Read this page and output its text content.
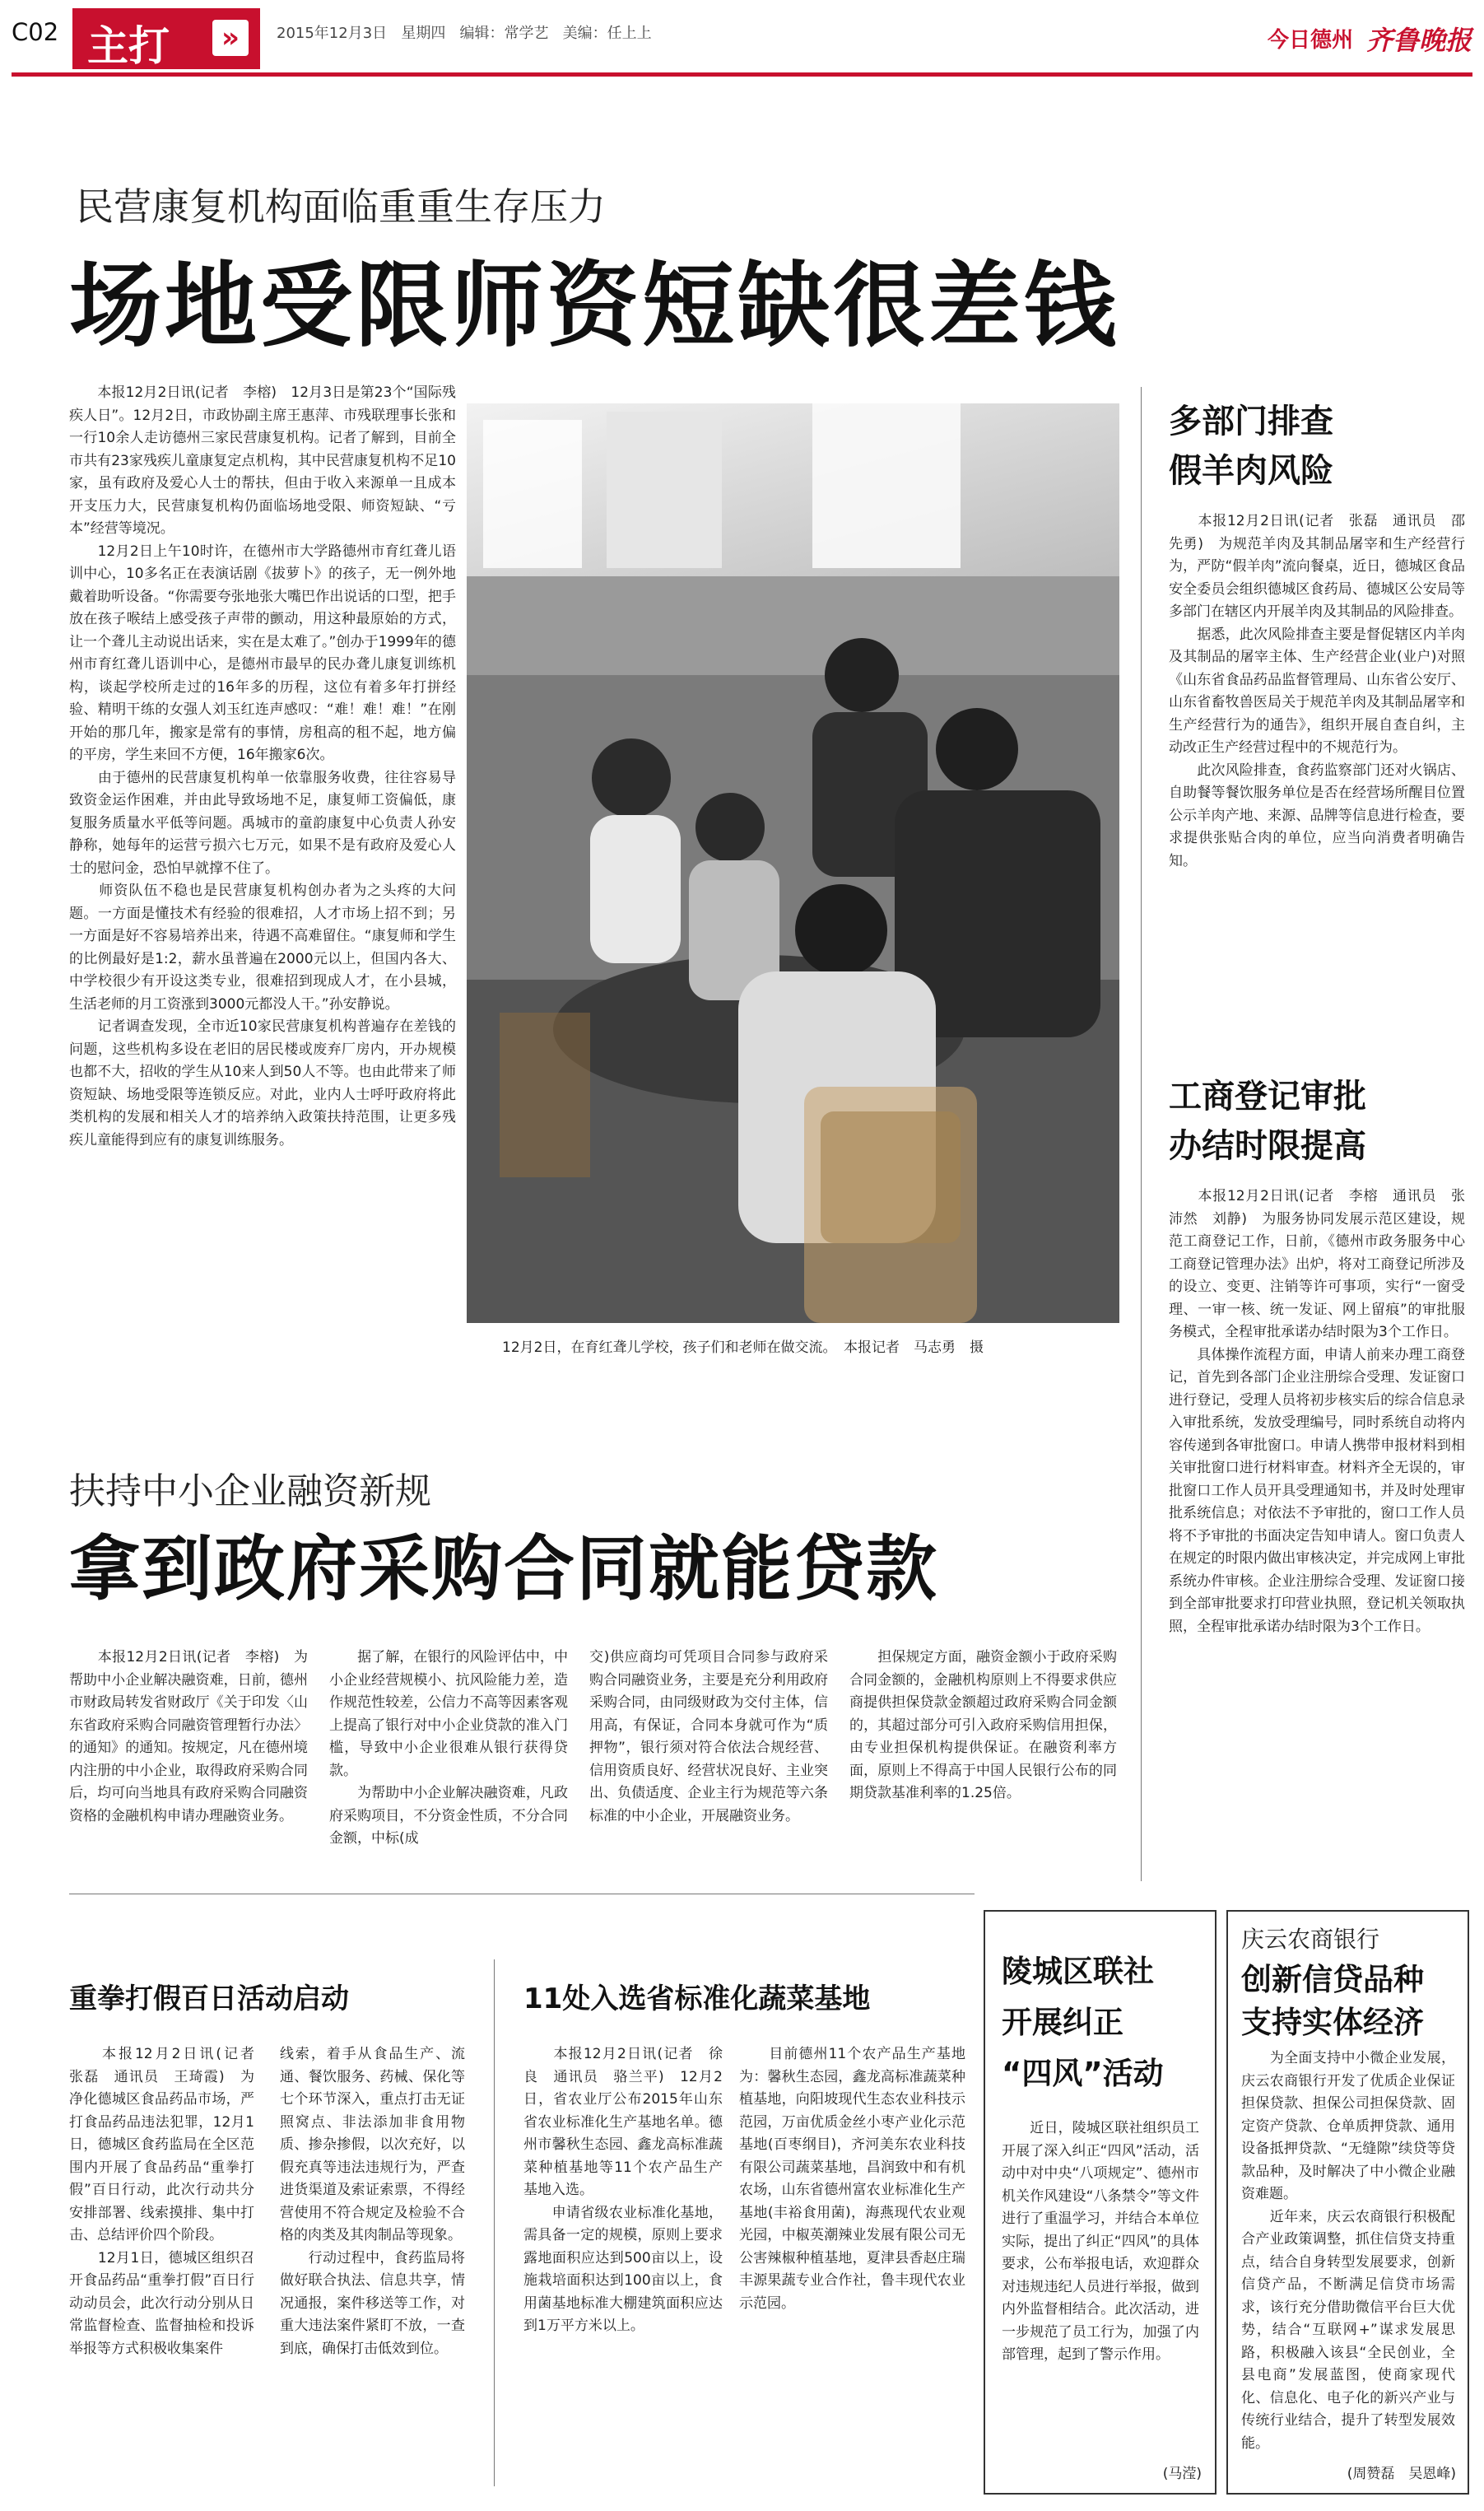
C02 主打	»	2015年12月3日   星期四   编辑：常学艺   美编：任上上	今日德州 齐鲁晚报
民营康复机构面临重重生存压力
场地受限师资短缺很差钱
　　本报12月2日讯(记者　李榕)　12月3日是第23个“国际残疾人日”。12月2日，市政协副主席王惠萍、市残联理事长张和一行10余人走访德州三家民营康复机构。记者了解到，目前全市共有23家残疾儿童康复定点机构，其中民营康复机构不足10家，虽有政府及爱心人士的帮扶，但由于收入来源单一且成本开支压力大，民营康复机构仍面临场地受限、师资短缺、“亏本”经营等境况。
　　12月2日上午10时许，在德州市大学路德州市育红聋儿语训中心，10多名正在表演话剧《拔萝卜》的孩子，无一例外地戴着助听设备。“你需要夸张地张大嘴巴作出说话的口型，把手放在孩子喉结上感受孩子声带的颤动，用这种最原始的方式，让一个聋儿主动说出话来，实在是太难了。”创办于1999年的德州市育红聋儿语训中心，是德州市最早的民办聋儿康复训练机构，谈起学校所走过的16年多的历程，这位有着多年打拼经验、精明干练的女强人刘玉红连声感叹：“难！难！难！”在刚开始的那几年，搬家是常有的事情，房租高的租不起，地方偏的平房，学生来回不方便，16年搬家6次。
　　由于德州的民营康复机构单一依靠服务收费，往往容易导致资金运作困难，并由此导致场地不足，康复师工资偏低，康复服务质量水平低等问题。禹城市的童韵康复中心负责人孙安静称，她每年的运营亏损六七万元，如果不是有政府及爱心人士的慰问金，恐怕早就撑不住了。
　　师资队伍不稳也是民营康复机构创办者为之头疼的大问题。一方面是懂技术有经验的很难招，人才市场上招不到；另一方面是好不容易培养出来，待遇不高难留住。“康复师和学生的比例最好是1:2，薪水虽普遍在2000元以上，但国内各大、中学校很少有开设这类专业，很难招到现成人才，在小县城，生活老师的月工资涨到3000元都没人干。”孙安静说。
　　记者调查发现，全市近10家民营康复机构普遍存在差钱的问题，这些机构多设在老旧的居民楼或废弃厂房内，开办规模也都不大，招收的学生从10来人到50人不等。也由此带来了师资短缺、场地受限等连锁反应。对此，业内人士呼吁政府将此类机构的发展和相关人才的培养纳入政策扶持范围，让更多残疾儿童能得到应有的康复训练服务。
12月2日，在育红聋儿学校，孩子们和老师在做交流。　本报记者　马志勇　摄
多部门排查
假羊肉风险
　　本报12月2日讯(记者　张磊　通讯员　邵先勇)　为规范羊肉及其制品屠宰和生产经营行为，严防“假羊肉”流向餐桌，近日，德城区食品安全委员会组织德城区食药局、德城区公安局等多部门在辖区内开展羊肉及其制品的风险排查。
　　据悉，此次风险排查主要是督促辖区内羊肉及其制品的屠宰主体、生产经营企业(业户)对照《山东省食品药品监督管理局、山东省公安厅、山东省畜牧兽医局关于规范羊肉及其制品屠宰和生产经营行为的通告》，组织开展自查自纠，主动改正生产经营过程中的不规范行为。
　　此次风险排查，食药监察部门还对火锅店、自助餐等餐饮服务单位是否在经营场所醒目位置公示羊肉产地、来源、品牌等信息进行检查，要求提供张贴合肉的单位，应当向消费者明确告知。
工商登记审批
办结时限提高
　　本报12月2日讯(记者　李榕　通讯员　张沛然　刘静)　为服务协同发展示范区建设，规范工商登记工作，日前，《德州市政务服务中心工商登记管理办法》出炉，将对工商登记所涉及的设立、变更、注销等许可事项，实行“一窗受理、一审一核、统一发证、网上留痕”的审批服务模式，全程审批承诺办结时限为3个工作日。
　　具体操作流程方面，申请人前来办理工商登记，首先到各部门企业注册综合受理、发证窗口进行登记，受理人员将初步核实后的综合信息录入审批系统，发放受理编号，同时系统自动将内容传递到各审批窗口。申请人携带申报材料到相关审批窗口进行材料审查。材料齐全无误的，审批窗口工作人员开具受理通知书，并及时处理审批系统信息；对依法不予审批的，窗口工作人员将不予审批的书面决定告知申请人。窗口负责人在规定的时限内做出审核决定，并完成网上审批系统办件审核。企业注册综合受理、发证窗口接到全部审批要求打印营业执照，登记机关领取执照，全程审批承诺办结时限为3个工作日。
扶持中小企业融资新规
拿到政府采购合同就能贷款
　　本报12月2日讯(记者　李榕)　为帮助中小企业解决融资难，日前，德州市财政局转发省财政厅《关于印发〈山东省政府采购合同融资管理暂行办法〉的通知》的通知。按规定，凡在德州境内注册的中小企业，取得政府采购合同后，均可向当地具有政府采购合同融资资格的金融机构申请办理融资业务。
　　据了解，在银行的风险评估中，中小企业经营规模小、抗风险能力差，造作规范性较差，公信力不高等因素客观上提高了银行对中小企业贷款的准入门槛，导致中小企业很难从银行获得贷款。
　　为帮助中小企业解决融资难，凡政府采购项目，不分资金性质，不分合同金额，中标(成
交)供应商均可凭项目合同参与政府采购合同融资业务，主要是充分利用政府采购合同，由同级财政为交付主体，信用高，有保证，合同本身就可作为“质押物”，银行须对符合依法合规经营、信用资质良好、经营状况良好、主业突出、负债适度、企业主行为规范等六条标准的中小企业，开展融资业务。
　　担保规定方面，融资金额小于政府采购合同金额的，金融机构原则上不得要求供应商提供担保贷款金额超过政府采购合同金额的，其超过部分可引入政府采购信用担保，由专业担保机构提供保证。在融资利率方面，原则上不得高于中国人民银行公布的同期贷款基准利率的1.25倍。
重拳打假百日活动启动
　　本报12月2日讯(记者　张磊　通讯员　王琦霞)　为净化德城区食品药品市场，严打食品药品违法犯罪，12月1日，德城区食药监局在全区范围内开展了食品药品“重拳打假”百日行动，此次行动共分安排部署、线索摸排、集中打击、总结评价四个阶段。
　　12月1日，德城区组织召开食品药品“重拳打假”百日行动动员会，此次行动分别从日常监督检查、监督抽检和投诉举报等方式积极收集案件
线索，着手从食品生产、流通、餐饮服务、药械、保化等七个环节深入，重点打击无证照窝点、非法添加非食用物质、掺杂掺假，以次充好，以假充真等违法违规行为，严查进货渠道及索证索票，不得经营使用不符合规定及检验不合格的肉类及其肉制品等现象。
　　行动过程中，食药监局将做好联合执法、信息共享，情况通报，案件移送等工作，对重大违法案件紧盯不放，一查到底，确保打击低效到位。
11处入选省标准化蔬菜基地
　　本报12月2日讯(记者　徐良　通讯员　骆兰平)　12月2日，省农业厅公布2015年山东省农业标准化生产基地名单。德州市馨秋生态园、鑫龙高标准蔬菜种植基地等11个农产品生产基地入选。
　　申请省级农业标准化基地，需具备一定的规模，原则上要求露地面积应达到500亩以上，设施栽培面积达到100亩以上，食用菌基地标准大棚建筑面积应达到1万平方米以上。
　　目前德州11个农产品生产基地为：馨秋生态园，鑫龙高标准蔬菜种植基地，向阳坡现代生态农业科技示范园，万亩优质金丝小枣产业化示范基地(百枣纲目)，齐河美东农业科技有限公司蔬菜基地，昌润致中和有机农场，山东省德州富农业标准化生产基地(丰裕食用菌)，海燕现代农业观光园，中椒英潮辣业发展有限公司无公害辣椒种植基地，夏津县香赵庄瑞丰源果蔬专业合作社，鲁丰现代农业示范园。
陵城区联社
开展纠正
“四风”活动
　　近日，陵城区联社组织员工开展了深入纠正“四风”活动，活动中对中央“八项规定”、德州市机关作风建设“八条禁令”等文件进行了重温学习，并结合本单位实际，提出了纠正“四风”的具体要求，公布举报电话，欢迎群众对违规违纪人员进行举报，做到内外监督相结合。此次活动，进一步规范了员工行为，加强了内部管理，起到了警示作用。
(马滢)
庆云农商银行
创新信贷品种
支持实体经济
　　为全面支持中小微企业发展，庆云农商银行开发了优质企业保证担保贷款、担保公司担保贷款、固定资产贷款、仓单质押贷款、通用设备抵押贷款、“无缝隙”续贷等贷款品种，及时解决了中小微企业融资难题。
　　近年来，庆云农商银行积极配合产业政策调整，抓住信贷支持重点，结合自身转型发展要求，创新信贷产品，不断满足信贷市场需求，该行充分借助微信平台巨大优势，结合“互联网+”谋求发展思路，积极融入该县“全民创业，全县电商”发展蓝图，使商家现代化、信息化、电子化的新兴产业与传统行业结合，提升了转型发展效能。
(周赞磊　吴恩峰)
